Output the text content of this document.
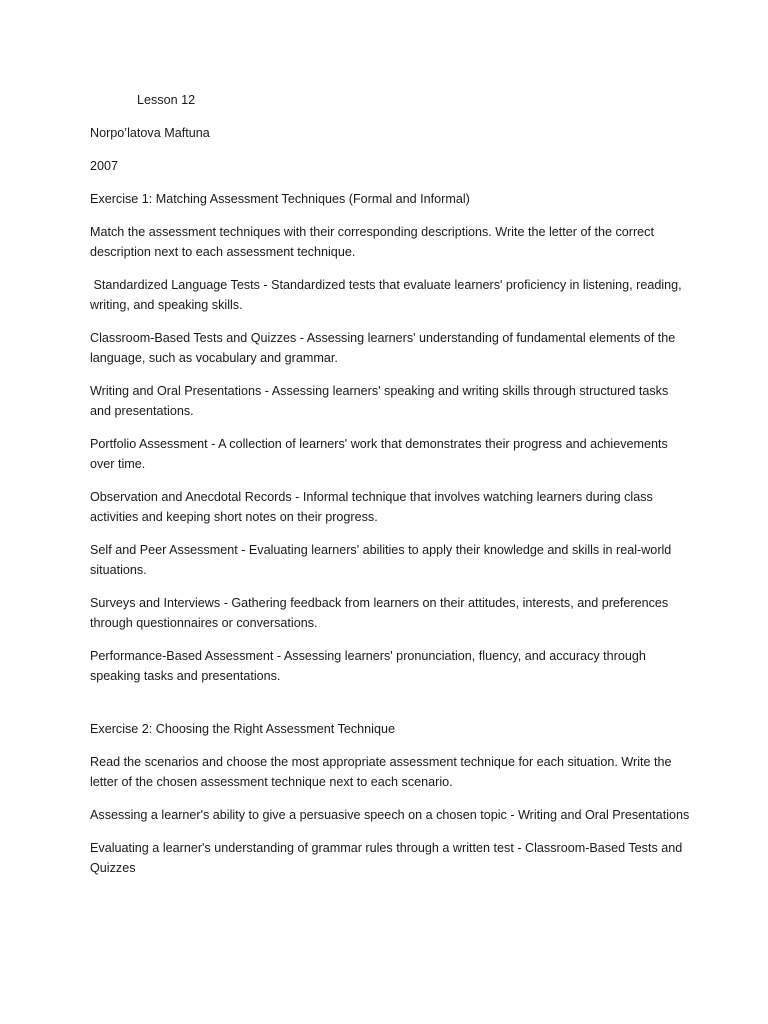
Lesson 12

Norpo’latova Maftuna

2007

Exercise 1: Matching Assessment Techniques (Formal and Informal)

Match the assessment techniques with their corresponding descriptions. Write the letter of the correct description next to each assessment technique.

Standardized Language Tests - Standardized tests that evaluate learners' proficiency in listening, reading, writing, and speaking skills.

Classroom-Based Tests and Quizzes - Assessing learners' understanding of fundamental elements of the language, such as vocabulary and grammar.

Writing and Oral Presentations - Assessing learners' speaking and writing skills through structured tasks and presentations.

Portfolio Assessment - A collection of learners' work that demonstrates their progress and achievements over time.

Observation and Anecdotal Records - Informal technique that involves watching learners during class activities and keeping short notes on their progress.

Self and Peer Assessment - Evaluating learners' abilities to apply their knowledge and skills in real-world situations.

Surveys and Interviews - Gathering feedback from learners on their attitudes, interests, and preferences through questionnaires or conversations.

Performance-Based Assessment - Assessing learners' pronunciation, fluency, and accuracy through speaking tasks and presentations.

Exercise 2: Choosing the Right Assessment Technique

Read the scenarios and choose the most appropriate assessment technique for each situation. Write the letter of the chosen assessment technique next to each scenario.

Assessing a learner's ability to give a persuasive speech on a chosen topic - Writing and Oral Presentations

Evaluating a learner's understanding of grammar rules through a written test - Classroom-Based Tests and Quizzes
